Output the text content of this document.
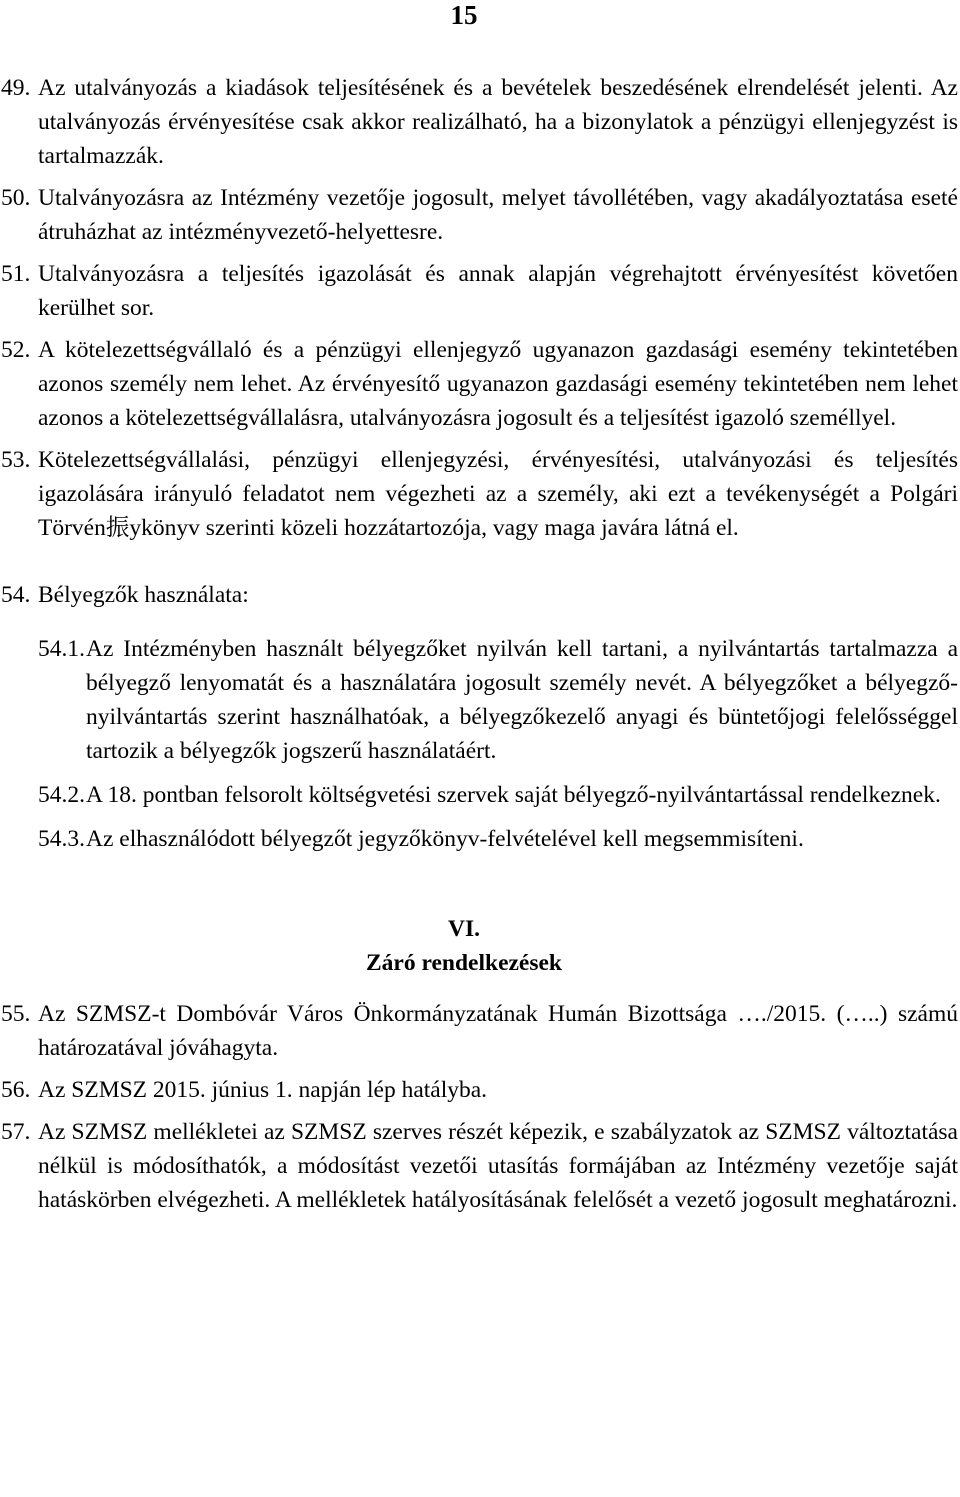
15
49. Az utalványozás a kiadások teljesítésének és a bevételek beszedésének elrendelését jelenti. Az utalványozás érvényesítése csak akkor realizálható, ha a bizonylatok a pénzügyi ellenjegyzést is tartalmazzák.
50. Utalványozásra az Intézmény vezetője jogosult, melyet távollétében, vagy akadályoztatása eseté átruházhat az intézményvezető-helyettesre.
51. Utalványozásra a teljesítés igazolását és annak alapján végrehajtott érvényesítést követően kerülhet sor.
52. A kötelezettségvállaló és a pénzügyi ellenjegyző ugyanazon gazdasági esemény tekintetében azonos személy nem lehet. Az érvényesítő ugyanazon gazdasági esemény tekintetében nem lehet azonos a kötelezettségvállalásra, utalványozásra jogosult és a teljesítést igazoló személlyel.
53. Kötelezettségvállalási, pénzügyi ellenjegyzési, érvényesítési, utalványozási és teljesítés igazolására irányuló feladatot nem végezheti az a személy, aki ezt a tevékenységét a Polgári Törvén振ykönyv szerinti közeli hozzátartozója, vagy maga javára látná el.
54. Bélyegzők használata:
54.1. Az Intézményben használt bélyegzőket nyilván kell tartani, a nyilvántartás tartalmazza a bélyegző lenyomatát és a használatára jogosult személy nevét. A bélyegzőket a bélyegző-nyilvántartás szerint használhatóak, a bélyegzőkezelő anyagi és büntetőjogi felelősséggel tartozik a bélyegzők jogszerű használatáért.
54.2. A 18. pontban felsorolt költségvetési szervek saját bélyegző-nyilvántartással rendelkeznek.
54.3. Az elhasználódott bélyegzőt jegyzőkönyv-felvételével kell megsemmisíteni.
VI.
Záró rendelkezések
55. Az SZMSZ-t Dombóvár Város Önkormányzatának Humán Bizottsága …./2015. (…..) számú határozatával jóváhagyta.
56. Az SZMSZ 2015. június 1. napján lép hatályba.
57. Az SZMSZ mellékletei az SZMSZ szerves részét képezik, e szabályzatok az SZMSZ változtatása nélkül is módosíthatók, a módosítást vezetői utasítás formájában az Intézmény vezetője saját hatáskörben elvégezheti. A mellékletek hatályosításának felelősét a vezető jogosult meghatározni.
